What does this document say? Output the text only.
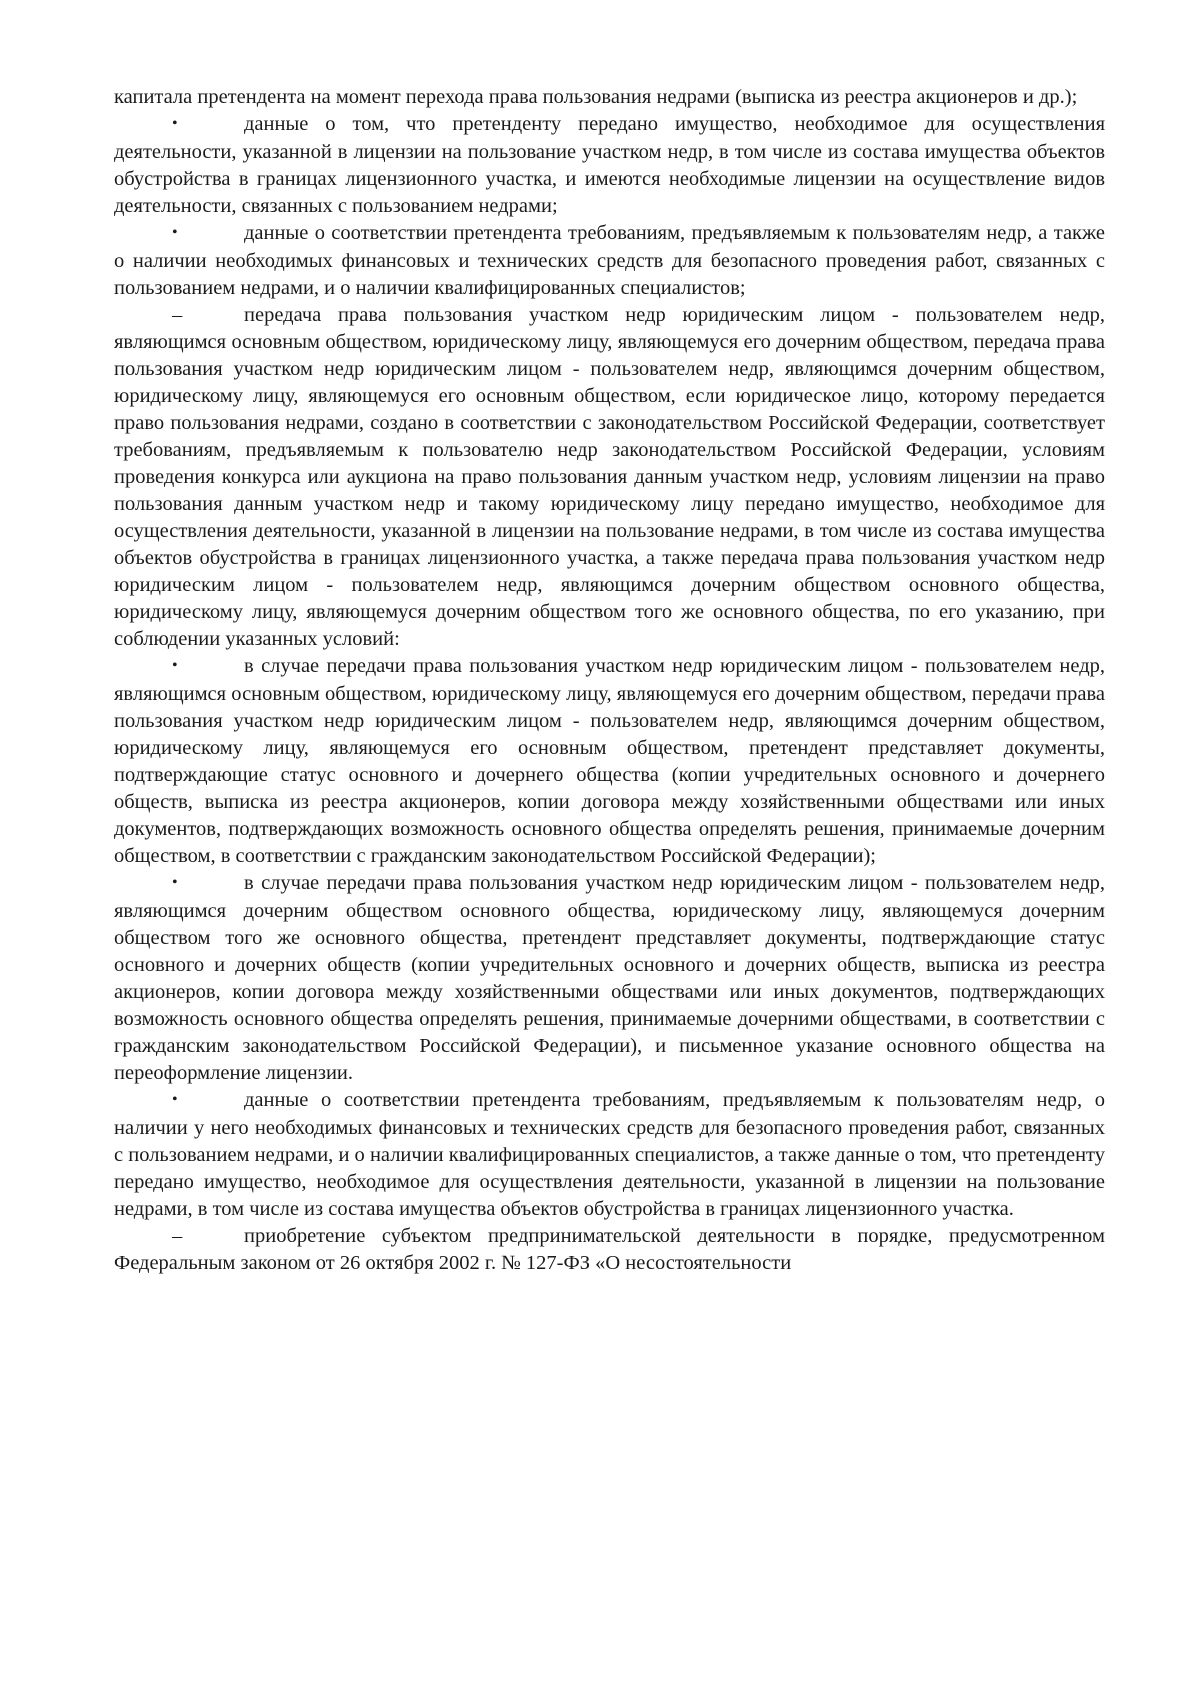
капитала претендента на момент перехода права пользования недрами (выписка из реестра акционеров и др.);

•	данные о том, что претенденту передано имущество, необходимое для осуществления деятельности, указанной в лицензии на пользование участком недр, в том числе из состава имущества объектов обустройства в границах лицензионного участка, и имеются необходимые лицензии на осуществление видов деятельности, связанных с пользованием недрами;

•	данные о соответствии претендента требованиям, предъявляемым к пользователям недр, а также о наличии необходимых финансовых и технических средств для безопасного проведения работ, связанных с пользованием недрами, и о наличии квалифицированных специалистов;

–	передача права пользования участком недр юридическим лицом - пользователем недр, являющимся основным обществом, юридическому лицу, являющемуся его дочерним обществом, передача права пользования участком недр юридическим лицом - пользователем недр, являющимся дочерним обществом, юридическому лицу, являющемуся его основным обществом, если юридическое лицо, которому передается право пользования недрами, создано в соответствии с законодательством Российской Федерации, соответствует требованиям, предъявляемым к пользователю недр законодательством Российской Федерации, условиям проведения конкурса или аукциона на право пользования данным участком недр, условиям лицензии на право пользования данным участком недр и такому юридическому лицу передано имущество, необходимое для осуществления деятельности, указанной в лицензии на пользование недрами, в том числе из состава имущества объектов обустройства в границах лицензионного участка, а также передача права пользования участком недр юридическим лицом - пользователем недр, являющимся дочерним обществом основного общества, юридическому лицу, являющемуся дочерним обществом того же основного общества, по его указанию, при соблюдении указанных условий:

•	в случае передачи права пользования участком недр юридическим лицом - пользователем недр, являющимся основным обществом, юридическому лицу, являющемуся его дочерним обществом, передачи права пользования участком недр юридическим лицом - пользователем недр, являющимся дочерним обществом, юридическому лицу, являющемуся его основным обществом, претендент представляет документы, подтверждающие статус основного и дочернего общества (копии учредительных основного и дочернего обществ, выписка из реестра акционеров, копии договора между хозяйственными обществами или иных документов, подтверждающих возможность основного общества определять решения, принимаемые дочерним обществом, в соответствии с гражданским законодательством Российской Федерации);

•	в случае передачи права пользования участком недр юридическим лицом - пользователем недр, являющимся дочерним обществом основного общества, юридическому лицу, являющемуся дочерним обществом того же основного общества, претендент представляет документы, подтверждающие статус основного и дочерних обществ (копии учредительных основного и дочерних обществ, выписка из реестра акционеров, копии договора между хозяйственными обществами или иных документов, подтверждающих возможность основного общества определять решения, принимаемые дочерними обществами, в соответствии с гражданским законодательством Российской Федерации), и письменное указание основного общества на переоформление лицензии.

•	данные о соответствии претендента требованиям, предъявляемым к пользователям недр, о наличии у него необходимых финансовых и технических средств для безопасного проведения работ, связанных с пользованием недрами, и о наличии квалифицированных специалистов, а также данные о том, что претенденту передано имущество, необходимое для осуществления деятельности, указанной в лицензии на пользование недрами, в том числе из состава имущества объектов обустройства в границах лицензионного участка.

–	приобретение субъектом предпринимательской деятельности в порядке, предусмотренном Федеральным законом от 26 октября 2002 г. № 127-ФЗ «О несостоятельности
